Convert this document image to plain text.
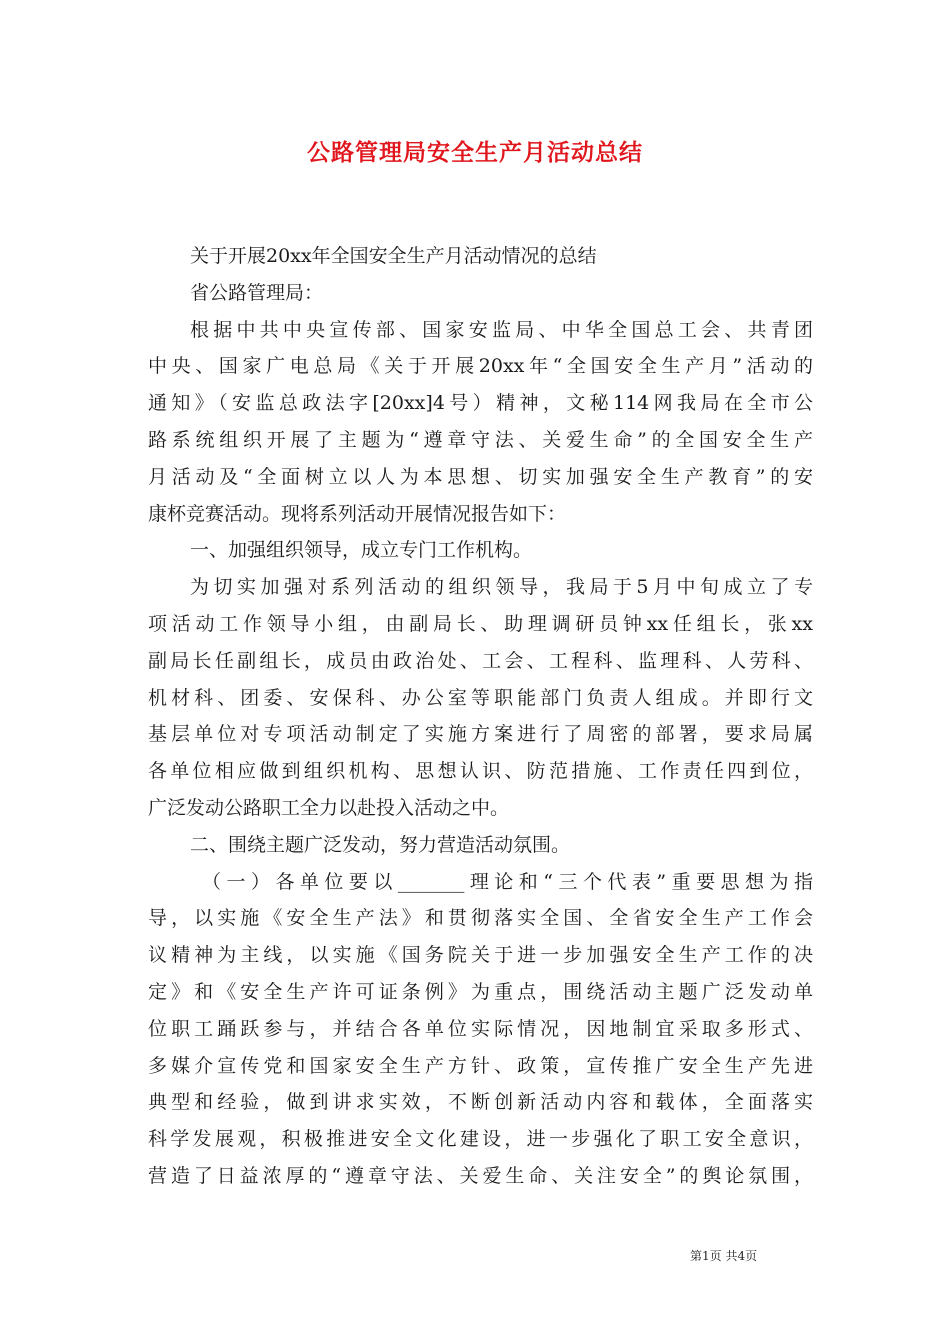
公路管理局安全生产月活动总结
关于开展20xx年全国安全生产月活动情况的总结
省公路管理局：
根据中共中央宣传部、国家安监局、中华全国总工会、共青团
中央、国家广电总局《关于开展20xx年“全国安全生产月”活动的
通知》（安监总政法字[20xx]4号）精神，文秘114网我局在全市公
路系统组织开展了主题为“遵章守法、关爱生命”的全国安全生产
月活动及“全面树立以人为本思想、切实加强安全生产教育”的安
康杯竞赛活动。现将系列活动开展情况报告如下：
一、加强组织领导，成立专门工作机构。
为切实加强对系列活动的组织领导，我局于5月中旬成立了专
项活动工作领导小组，由副局长、助理调研员钟xx任组长，张xx
副局长任副组长，成员由政治处、工会、工程科、监理科、人劳科、
机材科、团委、安保科、办公室等职能部门负责人组成。并即行文
基层单位对专项活动制定了实施方案进行了周密的部署，要求局属
各单位相应做到组织机构、思想认识、防范措施、工作责任四到位，
广泛发动公路职工全力以赴投入活动之中。
二、围绕主题广泛发动，努力营造活动氛围。
（一）各单位要以_______理论和“三个代表”重要思想为指
导，以实施《安全生产法》和贯彻落实全国、全省安全生产工作会
议精神为主线，以实施《国务院关于进一步加强安全生产工作的决
定》和《安全生产许可证条例》为重点，围绕活动主题广泛发动单
位职工踊跃参与，并结合各单位实际情况，因地制宜采取多形式、
多媒介宣传党和国家安全生产方针、政策，宣传推广安全生产先进
典型和经验，做到讲求实效，不断创新活动内容和载体，全面落实
科学发展观，积极推进安全文化建设，进一步强化了职工安全意识，
营造了日益浓厚的“遵章守法、关爱生命、关注安全”的舆论氛围，
第1页 共4页
